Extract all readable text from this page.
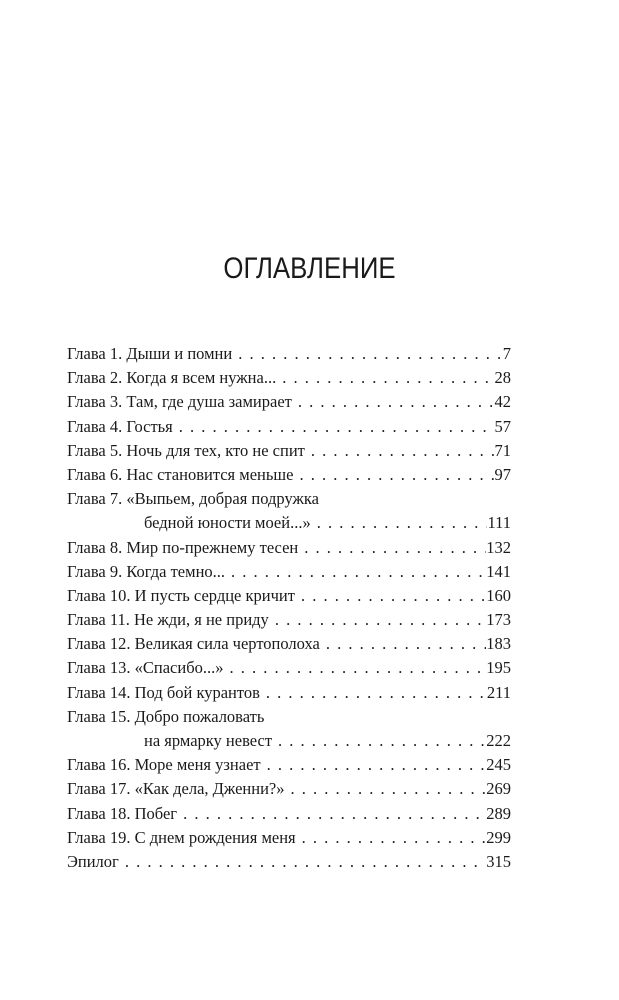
ОГЛАВЛЕНИЕ
Глава 1. Дыши и помни . . .	7
Глава 2. Когда я всем нужна... . . .	28
Глава 3. Там, где душа замирает . . .	42
Глава 4. Гостья . . .	57
Глава 5. Ночь для тех, кто не спит . . .	71
Глава 6. Нас становится меньше . . .	97
Глава 7. «Выпьем, добрая подружка
бедной юности моей...» . . .	111
Глава 8. Мир по-прежнему тесен . . .	132
Глава 9. Когда темно... . . .	141
Глава 10. И пусть сердце кричит . . .	160
Глава 11. Не жди, я не приду . . .	173
Глава 12. Великая сила чертополоха . . .	183
Глава 13. «Спасибо...» . . .	195
Глава 14. Под бой курантов . . .	211
Глава 15. Добро пожаловать
на ярмарку невест . . .	222
Глава 16. Море меня узнает . . .	245
Глава 17. «Как дела, Дженни?» . . .	269
Глава 18. Побег . . .	289
Глава 19. С днем рождения меня . . .	299
Эпилог . . .	315
